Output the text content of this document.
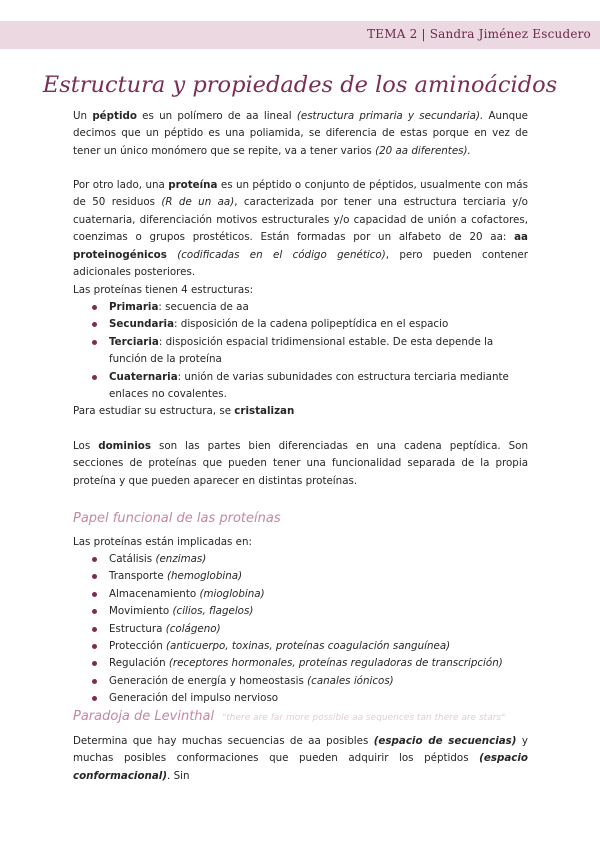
TEMA 2 | Sandra Jiménez Escudero
Estructura y propiedades de los aminoácidos

Un péptido es un polímero de aa lineal (estructura primaria y secundaria). Aunque decimos que un péptido es una poliamida, se diferencia de estas porque en vez de tener un único monómero que se repite, va a tener varios (20 aa diferentes).

Por otro lado, una proteína es un péptido o conjunto de péptidos, usualmente con más de 50 residuos (R de un aa), caracterizada por tener una estructura terciaria y/o cuaternaria, diferenciación motivos estructurales y/o capacidad de unión a cofactores, coenzimas o grupos prostéticos. Están formadas por un alfabeto de 20 aa: aa proteinogénicos (codificadas en el código genético), pero pueden contener adicionales posteriores.

Las proteínas tienen 4 estructuras:

Primaria: secuencia de aa
Secundaria: disposición de la cadena polipeptídica en el espacio
Terciaria: disposición espacial tridimensional estable. De esta depende la función de la proteína
Cuaternaria: unión de varias subunidades con estructura terciaria mediante enlaces no covalentes.

Para estudiar su estructura, se cristalizan

Los dominios son las partes bien diferenciadas en una cadena peptídica. Son secciones de proteínas que pueden tener una funcionalidad separada de la propia proteína y que pueden aparecer en distintas proteínas.

Papel funcional de las proteínas

Las proteínas están implicadas en:

Catálisis (enzimas)
Transporte (hemoglobina)
Almacenamiento (mioglobina)
Movimiento (cilios, flagelos)
Estructura (colágeno)
Protección (anticuerpo, toxinas, proteínas coagulación sanguínea)
Regulación (receptores hormonales, proteínas reguladoras de transcripción)
Generación de energía y homeostasis (canales iónicos)
Generación del impulso nervioso
Paradoja de Levinthal "there are far more possible aa sequences tan there are stars"

Determina que hay muchas secuencias de aa posibles (espacio de secuencias) y muchas posibles conformaciones que pueden adquirir los péptidos (espacio conformacional). Sin
